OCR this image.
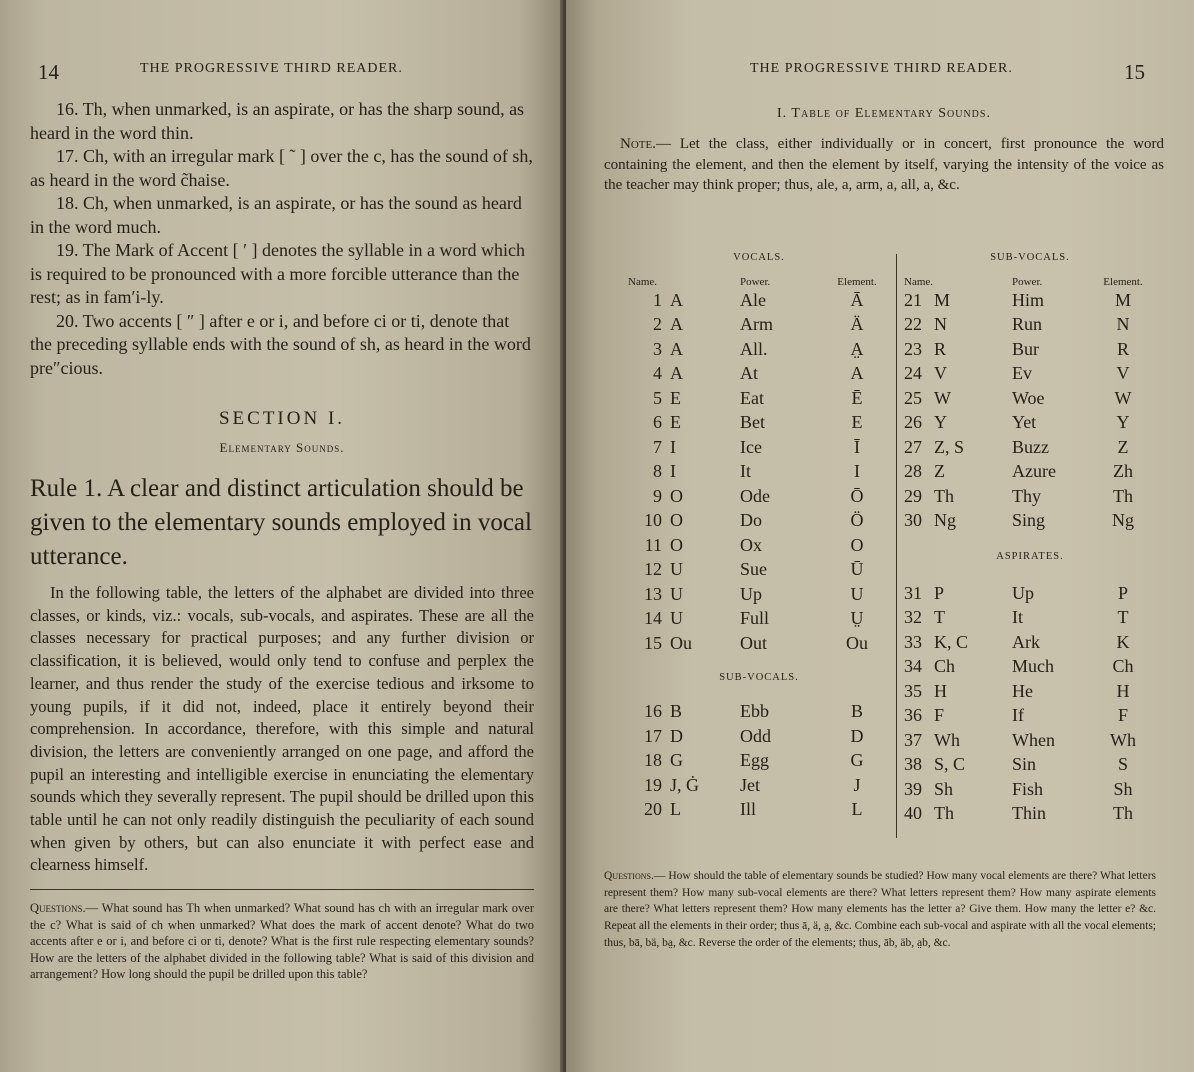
14	THE PROGRESSIVE THIRD READER.

16. Th, when unmarked, is an aspirate, or has the sharp sound, as heard in the word thin.

17. Ch, with an irregular mark [ ˜ ] over the c, has the sound of sh, as heard in the word c̃haise.

18. Ch, when unmarked, is an aspirate, or has the sound as heard in the word much.

19. The Mark of Accent [ ′ ] denotes the syllable in a word which is required to be pronounced with a more forcible utterance than the rest; as in fam′i-ly.

20. Two accents [ ″ ] after e or i, and before ci or ti, denote that the preceding syllable ends with the sound of sh, as heard in the word pre″cious.

SECTION I.
Elementary Sounds.

Rule 1. A clear and distinct articulation should be given to the elementary sounds employed in vocal utterance.

In the following table, the letters of the alphabet are divided into three classes, or kinds, viz.: vocals, sub-vocals, and aspirates. These are all the classes necessary for practical purposes; and any further division or classification, it is believed, would only tend to confuse and perplex the learner, and thus render the study of the exercise tedious and irksome to young pupils, if it did not, indeed, place it entirely beyond their comprehension. In accordance, therefore, with this simple and natural division, the letters are conveniently arranged on one page, and afford the pupil an interesting and intelligible exercise in enunciating the elementary sounds which they severally represent. The pupil should be drilled upon this table until he can not only readily distinguish the peculiarity of each sound when given by others, but can also enunciate it with perfect ease and clearness himself.

Questions.— What sound has Th when unmarked? What sound has ch with an irregular mark over the c? What is said of ch when unmarked? What does the mark of accent denote? What do two accents after e or i, and before ci or ti, denote? What is the first rule respecting elementary sounds? How are the letters of the alphabet divided in the following table? What is said of this division and arrangement? How long should the pupil be drilled upon this table?

THE PROGRESSIVE THIRD READER.	15
I. Table of Elementary Sounds.

Note.— Let the class, either individually or in concert, first pronounce the word containing the element, and then the element by itself, varying the intensity of the voice as the teacher may think proper; thus, ale, a, arm, a, all, a, &c.

VOCALS.
Name.	Power.	Element.
1 A	Ale	Ā
2 A	Arm	Ä
3 A	All.	A̤
4 A	At	A
5 E	Eat	Ē
6 E	Bet	E
7 I	Ice	Ī
8 I	It	I
9 O	Ode	Ō
10 O	Do	Ö
11 O	Ox	O
12 U	Sue	Ū
13 U	Up	U
14 U	Full	Ṳ
15 Ou	Out	Ou
SUB-VOCALS.
16 B	Ebb	B
17 D	Odd	D
18 G	Egg	G
19 J, Ġ	Jet	J
20 L	Ill	L
SUB-VOCALS.
Name.	Power.	Element.
21 M	Him	M
22 N	Run	N
23 R	Bur	R
24 V	Ev	V
25 W	Woe	W
26 Y	Yet	Y
27 Z, S	Buzz	Z
28 Z	Azure	Zh
29 Th	Thy	Th
30 Ng	Sing	Ng
ASPIRATES.
31 P	Up	P
32 T	It	T
33 K, C	Ark	K
34 Ch	Much	Ch
35 H	He	H
36 F	If	F
37 Wh	When	Wh
38 S, C	Sin	S
39 Sh	Fish	Sh
40 Th	Thin	Th

Questions.— How should the table of elementary sounds be studied? How many vocal elements are there? What letters represent them? How many sub-vocal elements are there? What letters represent them? How many aspirate elements are there? What letters represent them? How many elements has the letter a? Give them. How many the letter e? &c. Repeat all the elements in their order; thus ā, ä, a̤, &c. Combine each sub-vocal and aspirate with all the vocal elements; thus, bā, bä, ba̤, &c. Reverse the order of the elements; thus, āb, äb, a̤b, &c.
